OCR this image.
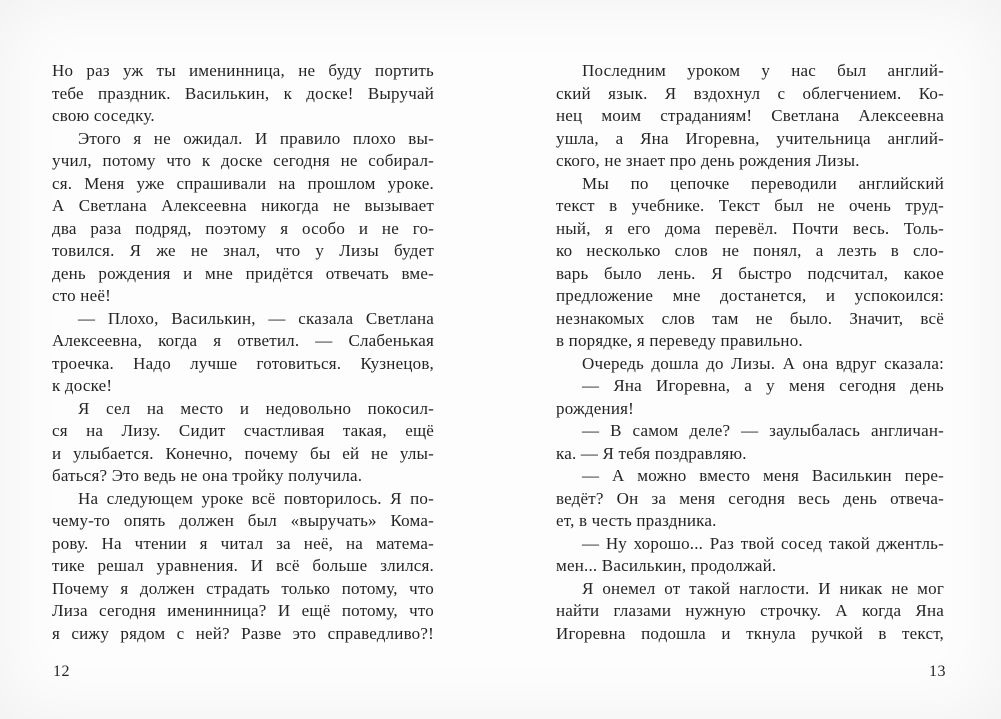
Но раз уж ты именинница, не буду портить
тебе праздник. Василькин, к доске! Выручай
свою соседку.
Этого я не ожидал. И правило плохо вы-
учил, потому что к доске сегодня не собирал-
ся. Меня уже спрашивали на прошлом уроке.
А Светлана Алексеевна никогда не вызывает
два раза подряд, поэтому я особо и не го-
товился. Я же не знал, что у Лизы будет
день рождения и мне придётся отвечать вме-
сто неё!
— Плохо, Василькин, — сказала Светлана
Алексеевна, когда я ответил. — Слабенькая
троечка. Надо лучше готовиться. Кузнецов,
к доске!
Я сел на место и недовольно покосил-
ся на Лизу. Сидит счастливая такая, ещё
и улыбается. Конечно, почему бы ей не улы-
баться? Это ведь не она тройку получила.
На следующем уроке всё повторилось. Я по-
чему-то опять должен был «выручать» Кома-
рову. На чтении я читал за неё, на матема-
тике решал уравнения. И всё больше злился.
Почему я должен страдать только потому, что
Лиза сегодня именинница? И ещё потому, что
я сижу рядом с ней? Разве это справедливо?!
Последним уроком у нас был англий-
ский язык. Я вздохнул с облегчением. Ко-
нец моим страданиям! Светлана Алексеевна
ушла, а Яна Игоревна, учительница англий-
ского, не знает про день рождения Лизы.
Мы по цепочке переводили английский
текст в учебнике. Текст был не очень труд-
ный, я его дома перевёл. Почти весь. Толь-
ко несколько слов не понял, а лезть в сло-
варь было лень. Я быстро подсчитал, какое
предложение мне достанется, и успокоился:
незнакомых слов там не было. Значит, всё
в порядке, я переведу правильно.
Очередь дошла до Лизы. А она вдруг сказала:
— Яна Игоревна, а у меня сегодня день
рождения!
— В самом деле? — заулыбалась англичан-
ка. — Я тебя поздравляю.
— А можно вместо меня Василькин пере-
ведёт? Он за меня сегодня весь день отвеча-
ет, в честь праздника.
— Ну хорошо... Раз твой сосед такой джентль-
мен... Василькин, продолжай.
Я онемел от такой наглости. И никак не мог
найти глазами нужную строчку. А когда Яна
Игоревна подошла и ткнула ручкой в текст,
12	13
